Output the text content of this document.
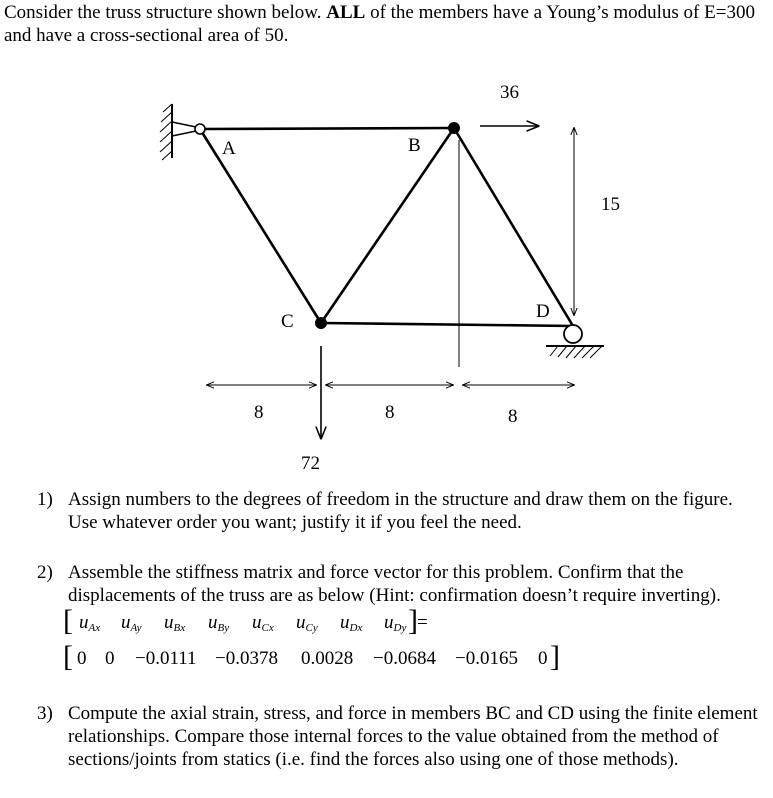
Consider the truss structure shown below. ALL of the members have a Young’s modulus of E=300 and have a cross-sectional area of 50.

A	B
C	D
36
72
15
8	8	8
1) Assign numbers to the degrees of freedom in the structure and draw them on the figure. Use whatever order you want; justify it if you feel the need.
2) Assemble the stiffness matrix and force vector for this problem. Confirm that the displacements of the truss are as below (Hint: confirmation doesn’t require inverting).
[ $u_{Ax}$ $u_{Ay}$ $u_{Bx}$ $u_{By}$ $u_{Cx}$ $u_{Cy}$ $u_{Dx}$ $u_{Dy}$ ] =
[ 0 0 −0.0111 −0.0378 0.0028 −0.0684 −0.0165 0 ]
3) Compute the axial strain, stress, and force in members BC and CD using the finite element relationships. Compare those internal forces to the value obtained from the method of sections/joints from statics (i.e. find the forces also using one of those methods).
